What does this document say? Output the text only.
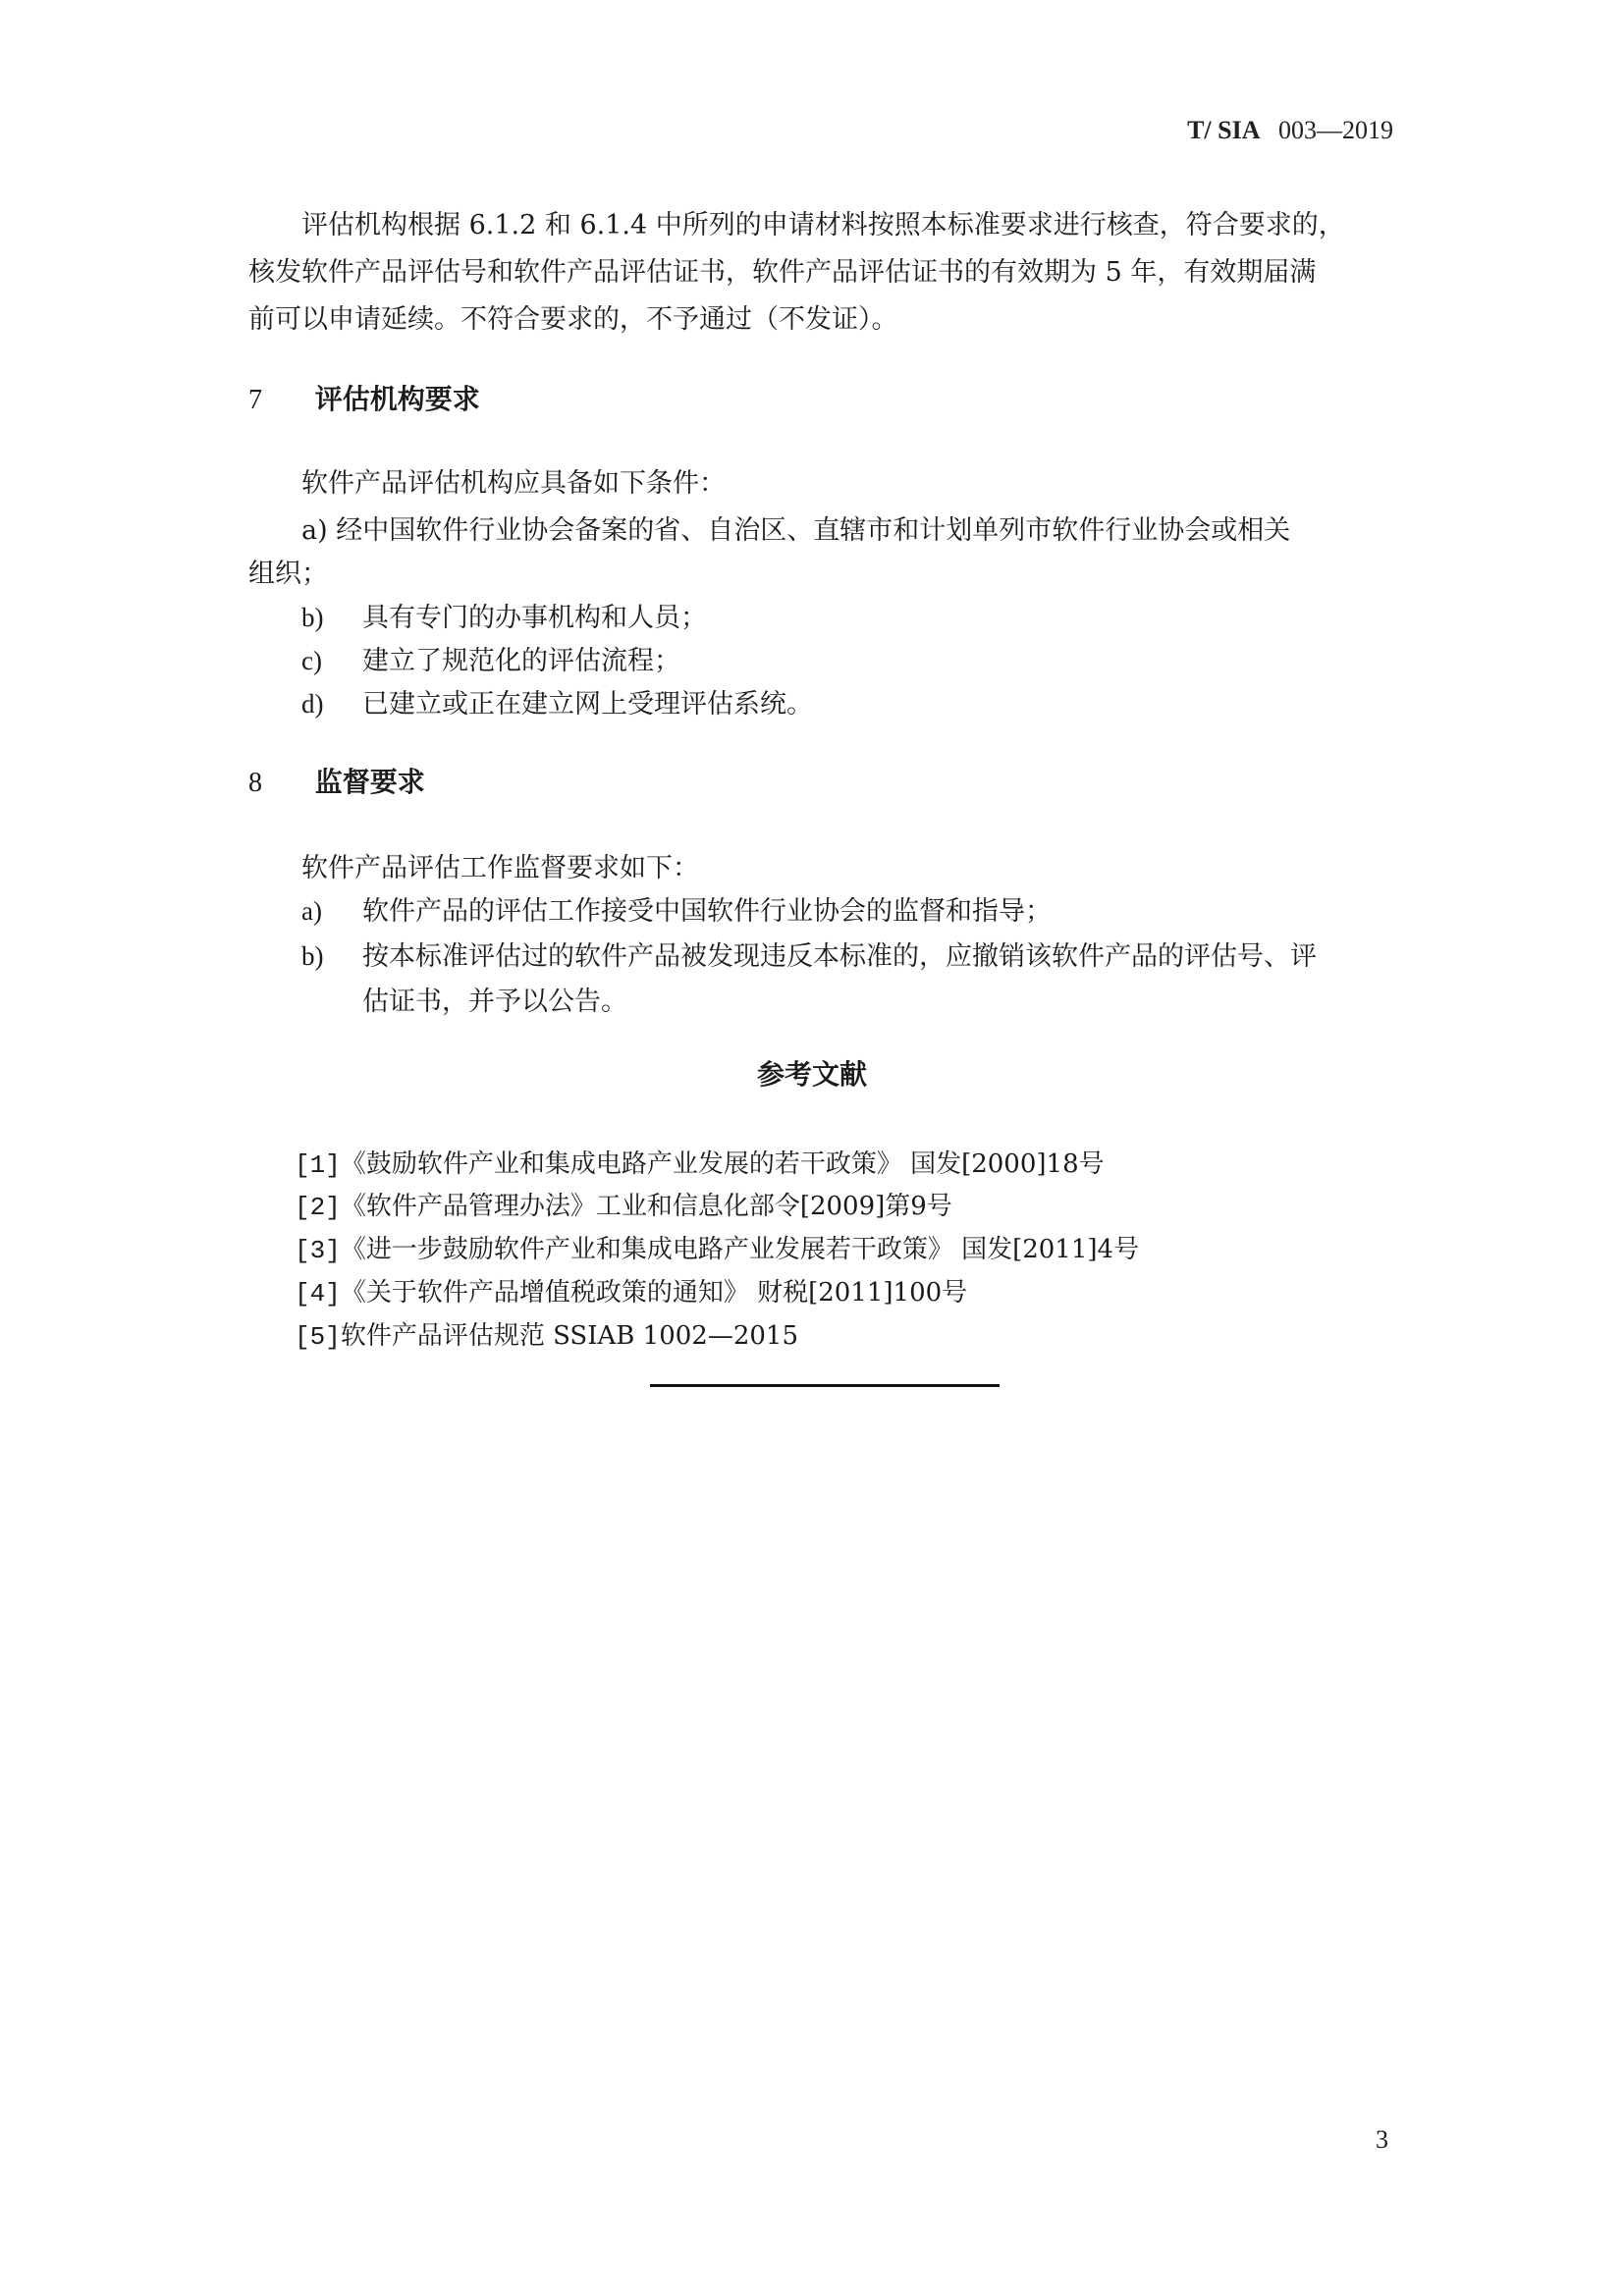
T/ SIA 003—2019
评估机构根据 6.1.2 和 6.1.4 中所列的申请材料按照本标准要求进行核查，符合要求的，
核发软件产品评估号和软件产品评估证书，软件产品评估证书的有效期为 5 年，有效期届满
前可以申请延续。不符合要求的，不予通过（不发证）。
7 评估机构要求
软件产品评估机构应具备如下条件：
a) 经中国软件行业协会备案的省、自治区、直辖市和计划单列市软件行业协会或相关
组织；
b) 具有专门的办事机构和人员；
c) 建立了规范化的评估流程；
d) 已建立或正在建立网上受理评估系统。
8 监督要求
软件产品评估工作监督要求如下：
a) 软件产品的评估工作接受中国软件行业协会的监督和指导；
b) 按本标准评估过的软件产品被发现违反本标准的，应撤销该软件产品的评估号、评
估证书，并予以公告。
参考文献
[1]《鼓励软件产业和集成电路产业发展的若干政策》 国发[2000]18号
[2]《软件产品管理办法》工业和信息化部令[2009]第9号
[3]《进一步鼓励软件产业和集成电路产业发展若干政策》 国发[2011]4号
[4]《关于软件产品增值税政策的通知》 财税[2011]100号
[5]软件产品评估规范 SSIAB 1002—2015
3
